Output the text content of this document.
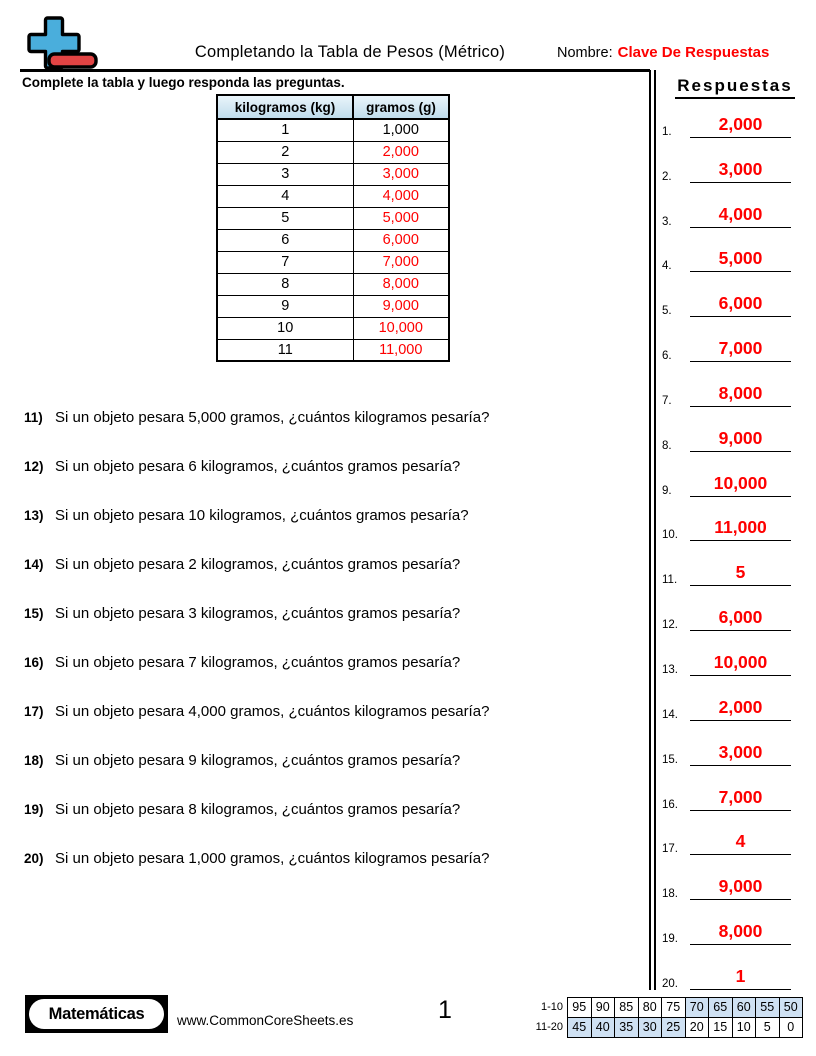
Completando la Tabla de Pesos (Métrico)	Nombre: Clave De Respuestas
Complete la tabla y luego responda las preguntas.
kilogramos (kg)	gramos (g)
1	1,000
2	2,000
3	3,000
4	4,000
5	5,000
6	6,000
7	7,000
8	8,000
9	9,000
10	10,000
11	11,000
11) Si un objeto pesara 5,000 gramos, ¿cuántos kilogramos pesaría?
12) Si un objeto pesara 6 kilogramos, ¿cuántos gramos pesaría?
13) Si un objeto pesara 10 kilogramos, ¿cuántos gramos pesaría?
14) Si un objeto pesara 2 kilogramos, ¿cuántos gramos pesaría?
15) Si un objeto pesara 3 kilogramos, ¿cuántos gramos pesaría?
16) Si un objeto pesara 7 kilogramos, ¿cuántos gramos pesaría?
17) Si un objeto pesara 4,000 gramos, ¿cuántos kilogramos pesaría?
18) Si un objeto pesara 9 kilogramos, ¿cuántos gramos pesaría?
19) Si un objeto pesara 8 kilogramos, ¿cuántos gramos pesaría?
20) Si un objeto pesara 1,000 gramos, ¿cuántos kilogramos pesaría?
Respuestas
1.	2,000
2.	3,000
3.	4,000
4.	5,000
5.	6,000
6.	7,000
7.	8,000
8.	9,000
9.	10,000
10.	11,000
11.	5
12.	6,000
13.	10,000
14.	2,000
15.	3,000
16.	7,000
17.	4
18.	9,000
19.	8,000
20.	1
Matemáticas	www.CommonCoreSheets.es	1	1-10 95 90 85 80 75 70 65 60 55 50
11-20 45 40 35 30 25 20 15 10	5	0
